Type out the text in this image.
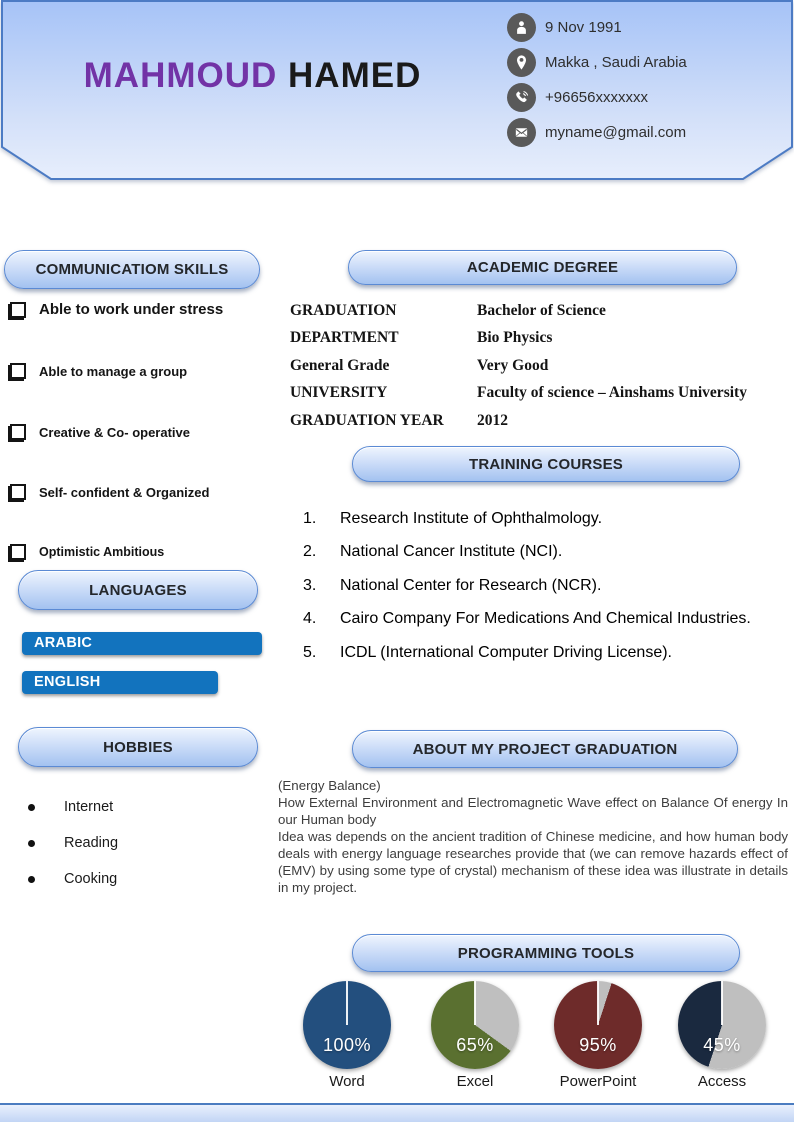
MAHMOUD HAMED
9 Nov 1991
Makka , Saudi Arabia
+96656xxxxxxx
myname@gmail.com
COMMUNICATIOM SKILLS
Able to work under stress
Able to manage a group
Creative & Co- operative
Self- confident & Organized
Optimistic Ambitious
LANGUAGES
ARABIC
ENGLISH
HOBBIES
Internet
Reading
Cooking
ACADEMIC DEGREE
GRADUATION	Bachelor of Science
DEPARTMENT	Bio Physics
General Grade	Very Good
UNIVERSITY	Faculty of science – Ainshams University
GRADUATION YEAR	2012
TRAINING COURSES
1.	Research Institute of Ophthalmology.
2.	National Cancer Institute (NCI).
3.	National Center for Research (NCR).
4.	Cairo Company For Medications And Chemical Industries.
5.	ICDL (International Computer Driving License).
ABOUT MY PROJECT GRADUATION

(Energy Balance)

How External Environment and Electromagnetic Wave effect on Balance Of energy In our Human body

Idea was depends on the ancient tradition of Chinese medicine, and how human body deals with energy language researches provide that (we can remove hazards effect of (EMV) by using some type of crystal) mechanism of these idea was illustrate in details in my project.

PROGRAMMING TOOLS
100%	65%	95%	45%
Word	Excel	PowerPoint	Access
